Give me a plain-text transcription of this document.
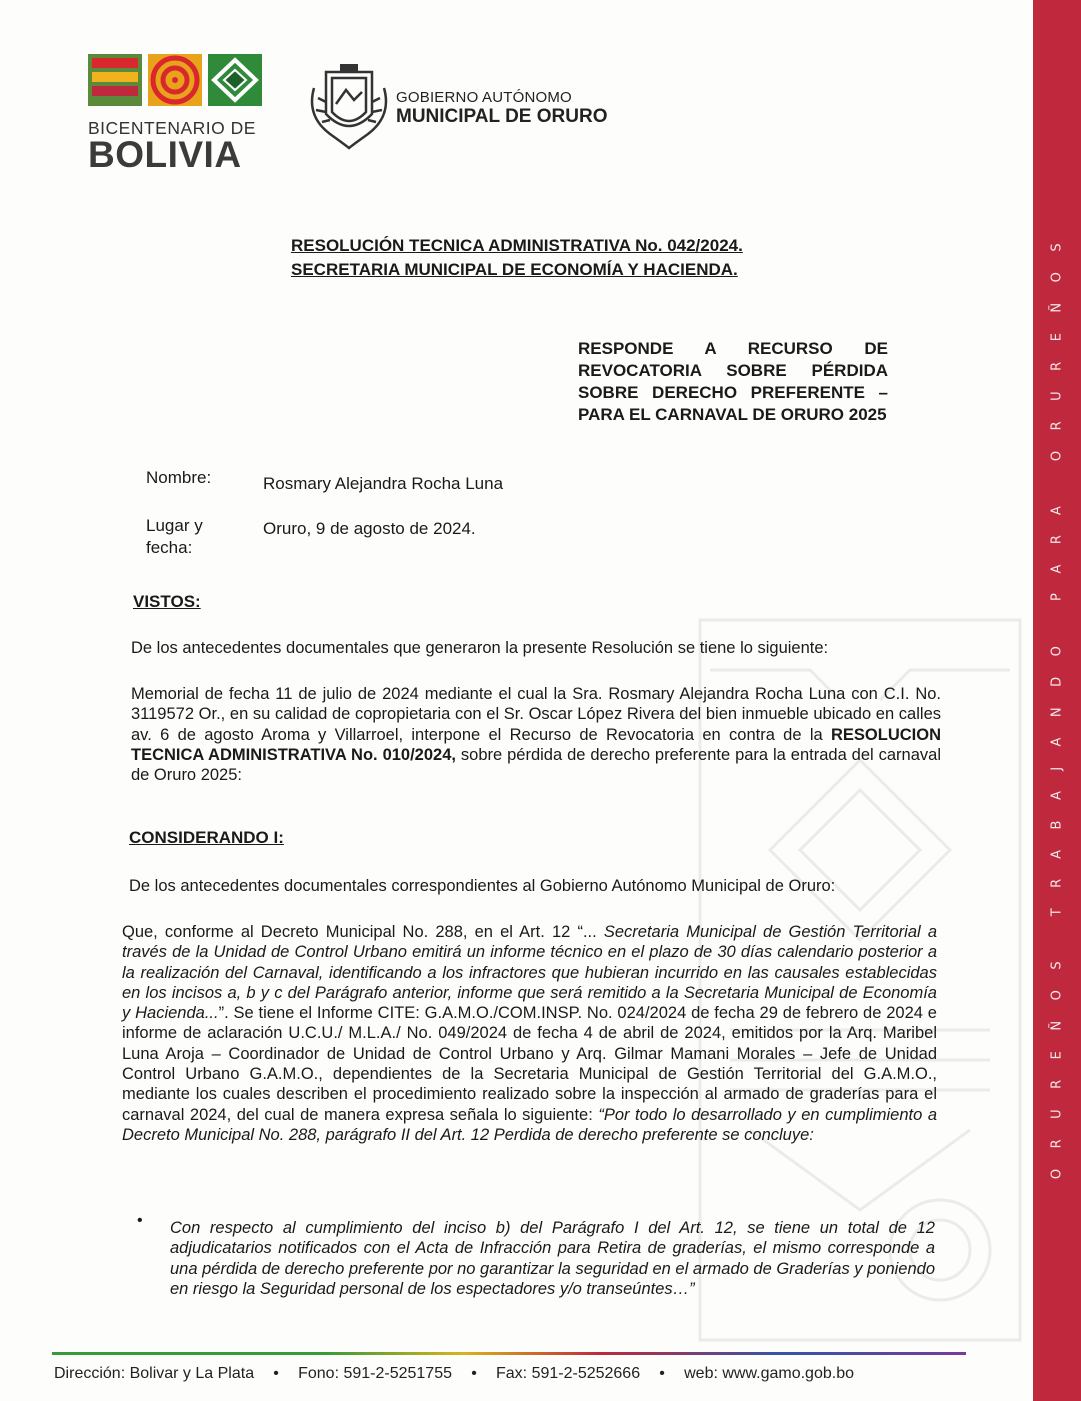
ORUREÑOS TRABAJANDO PARA ORUREÑOS
BICENTENARIO DE
BOLIVIA
GOBIERNO AUTÓNOMO
MUNICIPAL DE ORURO
RESOLUCIÓN TECNICA ADMINISTRATIVA No. 042/2024.
SECRETARIA MUNICIPAL DE ECONOMÍA Y HACIENDA.
RESPONDE A RECURSO DE REVOCATORIA SOBRE PÉRDIDA SOBRE DERECHO PREFERENTE – PARA EL CARNAVAL DE ORURO 2025
Nombre:	Rosmary Alejandra Rocha Luna
Lugar y
fecha:
Oruro, 9 de agosto de 2024.
VISTOS:
De los antecedentes documentales que generaron la presente Resolución se tiene lo siguiente:
Memorial de fecha 11 de julio de 2024 mediante el cual la Sra. Rosmary Alejandra Rocha Luna con C.I. No. 3119572 Or., en su calidad de copropietaria con el Sr. Oscar López Rivera del bien inmueble ubicado en calles av. 6 de agosto Aroma y Villarroel, interpone el Recurso de Revocatoria en contra de la RESOLUCION TECNICA ADMINISTRATIVA No. 010/2024, sobre pérdida de derecho preferente para la entrada del carnaval de Oruro 2025:
CONSIDERANDO I:
De los antecedentes documentales correspondientes al Gobierno Autónomo Municipal de Oruro:
Que, conforme al Decreto Municipal No. 288, en el Art. 12 “... Secretaria Municipal de Gestión Territorial a través de la Unidad de Control Urbano emitirá un informe técnico en el plazo de 30 días calendario posterior a la realización del Carnaval, identificando a los infractores que hubieran incurrido en las causales establecidas en los incisos a, b y c del Parágrafo anterior, informe que será remitido a la Secretaria Municipal de Economía y Hacienda...”. Se tiene el Informe CITE: G.A.M.O./COM.INSP. No. 024/2024 de fecha 29 de febrero de 2024 e informe de aclaración U.C.U./ M.L.A./ No. 049/2024 de fecha 4 de abril de 2024, emitidos por la Arq. Maribel Luna Aroja – Coordinador de Unidad de Control Urbano y Arq. Gilmar Mamani Morales – Jefe de Unidad Control Urbano G.A.M.O., dependientes de la Secretaria Municipal de Gestión Territorial del G.A.M.O., mediante los cuales describen el procedimiento realizado sobre la inspección al armado de graderías para el carnaval 2024, del cual de manera expresa señala lo siguiente: “Por todo lo desarrollado y en cumplimiento a Decreto Municipal No. 288, parágrafo II del Art. 12 Perdida de derecho preferente se concluye:
• Con respecto al cumplimiento del inciso b) del Parágrafo I del Art. 12, se tiene un total de 12 adjudicatarios notificados con el Acta de Infracción para Retira de graderías, el mismo corresponde a una pérdida de derecho preferente por no garantizar la seguridad en el armado de Graderías y poniendo en riesgo la Seguridad personal de los espectadores y/o transeúntes…”
Dirección: Bolivar y La Plata • Fono: 591-2-5251755 • Fax: 591-2-5252666 • web: www.gamo.gob.bo
